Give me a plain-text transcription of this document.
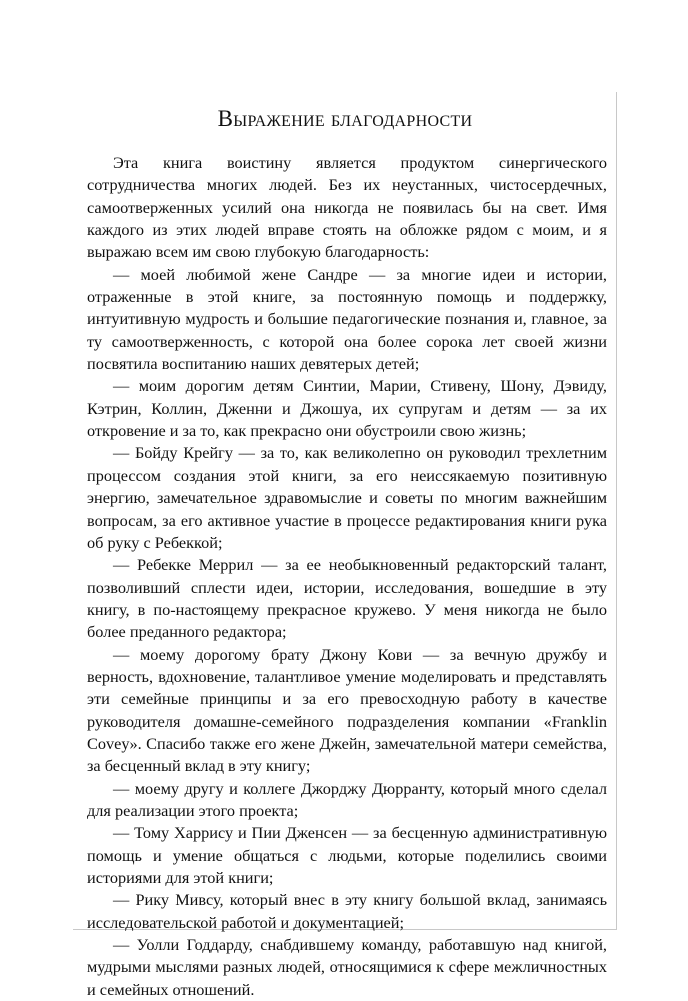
Выражение благодарности

Эта книга воистину является продуктом синергического сотрудничества многих людей. Без их неустанных, чистосердечных, самоотверженных усилий она никогда не появилась бы на свет. Имя каждого из этих людей вправе стоять на обложке рядом с моим, и я выражаю всем им свою глубокую благодарность:

— моей любимой жене Сандре — за многие идеи и истории, отраженные в этой книге, за постоянную помощь и поддержку, интуитивную мудрость и большие педагогические познания и, главное, за ту самоотверженность, с которой она более сорока лет своей жизни посвятила воспитанию наших девятерых детей;

— моим дорогим детям Синтии, Марии, Стивену, Шону, Дэвиду, Кэтрин, Коллин, Дженни и Джошуа, их супругам и детям — за их откровение и за то, как прекрасно они обустроили свою жизнь;

— Бойду Крейгу — за то, как великолепно он руководил трехлетним процессом создания этой книги, за его неиссякаемую позитивную энергию, замечательное здравомыслие и советы по многим важнейшим вопросам, за его активное участие в процессе редактирования книги рука об руку с Ребеккой;

— Ребекке Меррил — за ее необыкновенный редакторский талант, позволивший сплести идеи, истории, исследования, вошедшие в эту книгу, в по-настоящему прекрасное кружево. У меня никогда не было более преданного редактора;

— моему дорогому брату Джону Кови — за вечную дружбу и верность, вдохновение, талантливое умение моделировать и представлять эти семейные принципы и за его превосходную работу в качестве руководителя домашне-семейного подразделения компании «Franklin Covey». Спасибо также его жене Джейн, замечательной матери семейства, за бесценный вклад в эту книгу;

— моему другу и коллеге Джорджу Дюрранту, который много сделал для реализации этого проекта;

— Тому Харрису и Пии Дженсен — за бесценную административную помощь и умение общаться с людьми, которые поделились своими историями для этой книги;

— Рику Мивсу, который внес в эту книгу большой вклад, занимаясь исследовательской работой и документацией;

— Уолли Годдарду, снабдившему команду, работавшую над книгой, мудрыми мыслями разных людей, относящимися к сфере межличностных и семейных отношений.
